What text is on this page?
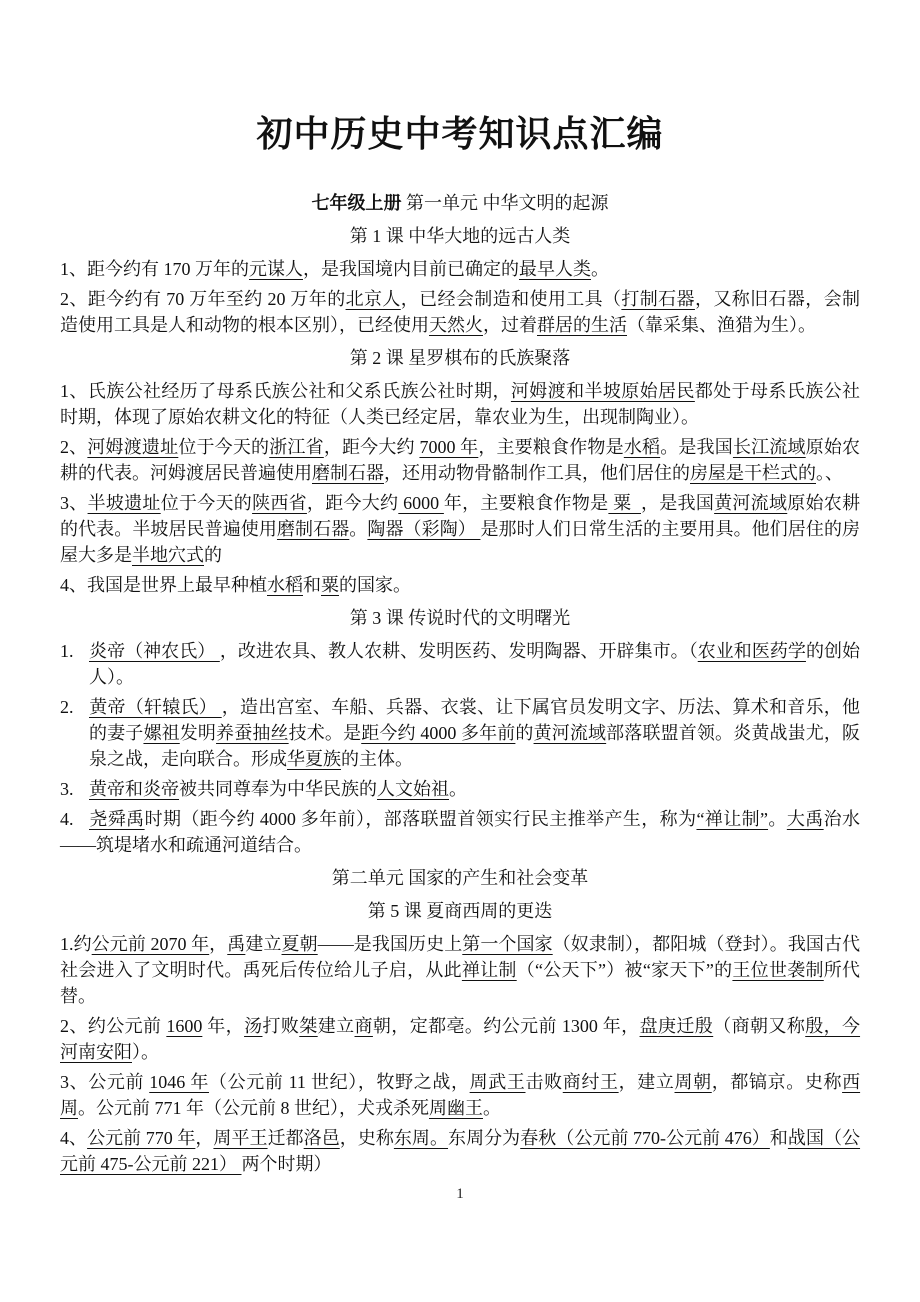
初中历史中考知识点汇编

七年级上册 第一单元 中华文明的起源

第 1 课 中华大地的远古人类

1、距今约有 170 万年的元谋人，是我国境内目前已确定的最早人类。

2、距今约有 70 万年至约 20 万年的北京人，已经会制造和使用工具（打制石器，又称旧石器，会制造使用工具是人和动物的根本区别），已经使用天然火，过着群居的生活（靠采集、渔猎为生）。

第 2 课 星罗棋布的氏族聚落

1、氏族公社经历了母系氏族公社和父系氏族公社时期，河姆渡和半坡原始居民都处于母系氏族公社时期，体现了原始农耕文化的特征（人类已经定居，靠农业为生，出现制陶业）。

2、河姆渡遗址位于今天的浙江省，距今大约 7000 年，主要粮食作物是水稻。是我国长江流域原始农耕的代表。河姆渡居民普遍使用磨制石器，还用动物骨骼制作工具，他们居住的房屋是干栏式的。、

3、半坡遗址位于今天的陕西省，距今大约 6000 年，主要粮食作物是 粟  ，是我国黄河流域原始农耕的代表。半坡居民普遍使用磨制石器。陶器（彩陶） 是那时人们日常生活的主要用具。他们居住的房屋大多是半地穴式的

4、我国是世界上最早种植水稻和粟的国家。

第 3 课 传说时代的文明曙光

1. 炎帝（神农氏） ，改进农具、教人农耕、发明医药、发明陶器、开辟集市。（农业和医药学的创始人）。

2. 黄帝（轩辕氏） ，造出宫室、车船、兵器、衣裳、让下属官员发明文字、历法、算术和音乐，他的妻子嫘祖发明养蚕抽丝技术。是距今约 4000 多年前的黄河流域部落联盟首领。炎黄战蚩尤，阪泉之战，走向联合。形成华夏族的主体。

3. 黄帝和炎帝被共同尊奉为中华民族的人文始祖。

4. 尧舜禹时期（距今约 4000 多年前），部落联盟首领实行民主推举产生，称为“禅让制”。大禹治水——筑堤堵水和疏通河道结合。

第二单元 国家的产生和社会变革

第 5 课 夏商西周的更迭

1.约公元前 2070 年，禹建立夏朝——是我国历史上第一个国家（奴隶制），都阳城（登封）。我国古代社会进入了文明时代。禹死后传位给儿子启，从此禅让制（“公天下”）被“家天下”的王位世袭制所代替。

2、约公元前 1600 年，汤打败桀建立商朝，定都亳。约公元前 1300 年，盘庚迁殷（商朝又称殷，今河南安阳）。

3、公元前 1046 年（公元前 11 世纪），牧野之战，周武王击败商纣王，建立周朝，都镐京。史称西周。公元前 771 年（公元前 8 世纪），犬戎杀死周幽王。

4、公元前 770 年，周平王迁都洛邑，史称东周。东周分为春秋（公元前 770-公元前 476）和战国（公元前 475-公元前 221） 两个时期）

1
